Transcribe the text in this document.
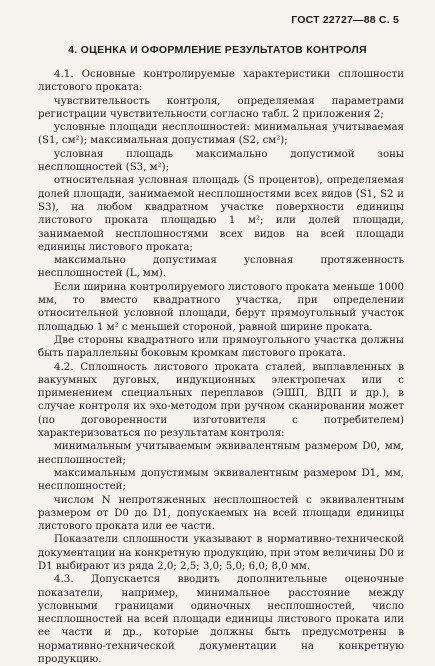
ГОСТ 22727—88 С. 5
4. ОЦЕНКА И ОФОРМЛЕНИЕ РЕЗУЛЬТАТОВ КОНТРОЛЯ

4.1. Основные контролируемые характеристики сплошности листового проката:

чувствительность контроля, определяемая параметрами регистрации чувствительности согласно табл. 2 приложения 2;

условные площади несплошностей: минимальная учитываемая (S1, см²); максимальная допустимая (S2, см²);

условная площадь максимально допустимой зоны несплошностей (S3, м²);

относительная условная площадь (S процентов), определяемая долей площади, занимаемой несплошностями всех видов (S1, S2 и S3), на любом квадратном участке поверхности единицы листового проката площадью 1 м²; или долей площади, занимаемой несплошностями всех видов на всей площади единицы листового проката;

максимально допустимая условная протяженность несплошностей (L, мм).

Если ширина контролируемого листового проката меньше 1000 мм, то вместо квадратного участка, при определении относительной условной площади, берут прямоугольный участок площадью 1 м² с меньшей стороной, равной ширине проката.

Две стороны квадратного или прямоугольного участка должны быть параллельны боковым кромкам листового проката.

4.2. Сплошность листового проката сталей, выплавленных в вакуумных дуговых, индукционных электропечах или с применением специальных переплавов (ЭШП, ВДП и др.), в случае контроля их эхо-методом при ручном сканировании может (по договоренности изготовителя с потребителем) характеризоваться по результатам контроля:

минимальным учитываемым эквивалентным размером D0, мм, несплошностей;

максимальным допустимым эквивалентным размером D1, мм, несплошностей;

числом N непротяженных несплошностей с эквивалентным размером от D0 до D1, допускаемых на всей площади единицы листового проката или ее части.

Показатели сплошности указывают в нормативно-технической документации на конкретную продукцию, при этом величины D0 и D1 выбирают из ряда 2,0; 2,5; 3,0; 5,0; 6,0; 8,0 мм.

4.3. Допускается вводить дополнительные оценочные показатели, например, минимальное расстояние между условными границами одиночных несплошностей, число несплошностей на всей площади единицы листового проката или ее части и др., которые должны быть предусмотрены в нормативно-технической документации на конкретную продукцию.
